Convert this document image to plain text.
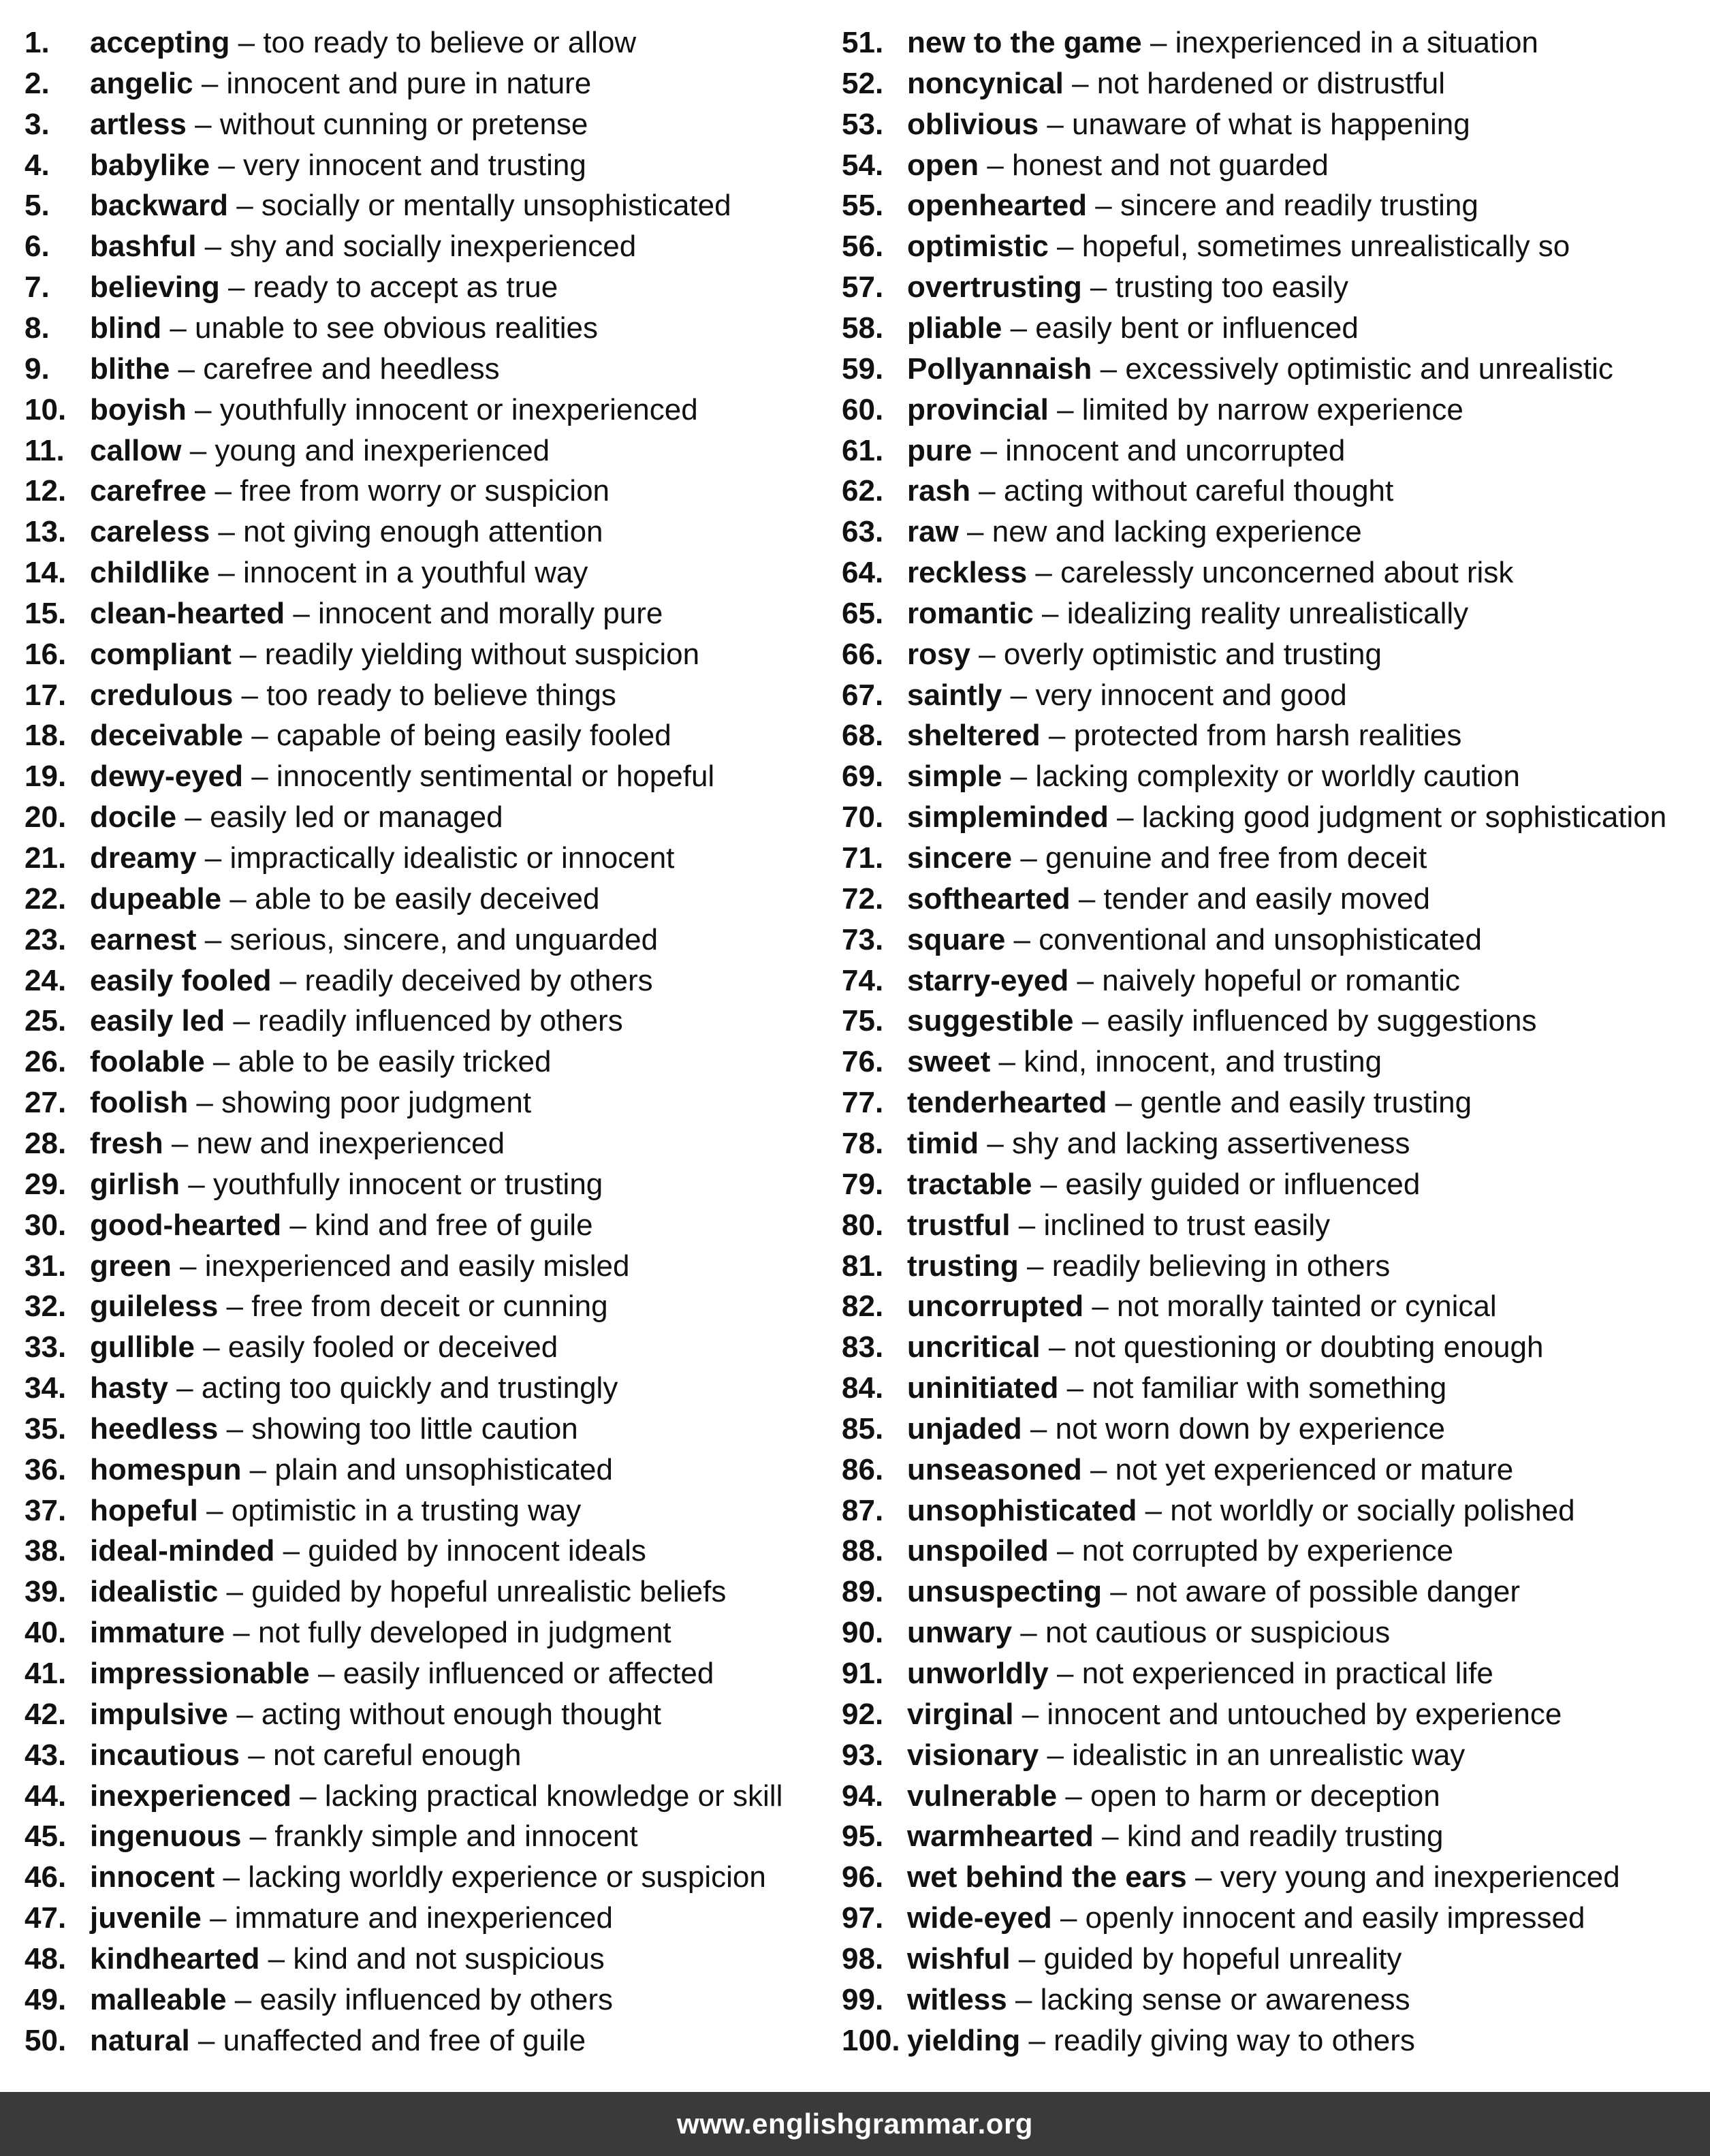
1. accepting – too ready to believe or allow
2. angelic – innocent and pure in nature
3. artless – without cunning or pretense
4. babylike – very innocent and trusting
5. backward – socially or mentally unsophisticated
6. bashful – shy and socially inexperienced
7. believing – ready to accept as true
8. blind – unable to see obvious realities
9. blithe – carefree and heedless
10. boyish – youthfully innocent or inexperienced
11. callow – young and inexperienced
12. carefree – free from worry or suspicion
13. careless – not giving enough attention
14. childlike – innocent in a youthful way
15. clean-hearted – innocent and morally pure
16. compliant – readily yielding without suspicion
17. credulous – too ready to believe things
18. deceivable – capable of being easily fooled
19. dewy-eyed – innocently sentimental or hopeful
20. docile – easily led or managed
21. dreamy – impractically idealistic or innocent
22. dupeable – able to be easily deceived
23. earnest – serious, sincere, and unguarded
24. easily fooled – readily deceived by others
25. easily led – readily influenced by others
26. foolable – able to be easily tricked
27. foolish – showing poor judgment
28. fresh – new and inexperienced
29. girlish – youthfully innocent or trusting
30. good-hearted – kind and free of guile
31. green – inexperienced and easily misled
32. guileless – free from deceit or cunning
33. gullible – easily fooled or deceived
34. hasty – acting too quickly and trustingly
35. heedless – showing too little caution
36. homespun – plain and unsophisticated
37. hopeful – optimistic in a trusting way
38. ideal-minded – guided by innocent ideals
39. idealistic – guided by hopeful unrealistic beliefs
40. immature – not fully developed in judgment
41. impressionable – easily influenced or affected
42. impulsive – acting without enough thought
43. incautious – not careful enough
44. inexperienced – lacking practical knowledge or skill
45. ingenuous – frankly simple and innocent
46. innocent – lacking worldly experience or suspicion
47. juvenile – immature and inexperienced
48. kindhearted – kind and not suspicious
49. malleable – easily influenced by others
50. natural – unaffected and free of guile
51. new to the game – inexperienced in a situation
52. noncynical – not hardened or distrustful
53. oblivious – unaware of what is happening
54. open – honest and not guarded
55. openhearted – sincere and readily trusting
56. optimistic – hopeful, sometimes unrealistically so
57. overtrusting – trusting too easily
58. pliable – easily bent or influenced
59. Pollyannaish – excessively optimistic and unrealistic
60. provincial – limited by narrow experience
61. pure – innocent and uncorrupted
62. rash – acting without careful thought
63. raw – new and lacking experience
64. reckless – carelessly unconcerned about risk
65. romantic – idealizing reality unrealistically
66. rosy – overly optimistic and trusting
67. saintly – very innocent and good
68. sheltered – protected from harsh realities
69. simple – lacking complexity or worldly caution
70. simpleminded – lacking good judgment or sophistication
71. sincere – genuine and free from deceit
72. softhearted – tender and easily moved
73. square – conventional and unsophisticated
74. starry-eyed – naively hopeful or romantic
75. suggestible – easily influenced by suggestions
76. sweet – kind, innocent, and trusting
77. tenderhearted – gentle and easily trusting
78. timid – shy and lacking assertiveness
79. tractable – easily guided or influenced
80. trustful – inclined to trust easily
81. trusting – readily believing in others
82. uncorrupted – not morally tainted or cynical
83. uncritical – not questioning or doubting enough
84. uninitiated – not familiar with something
85. unjaded – not worn down by experience
86. unseasoned – not yet experienced or mature
87. unsophisticated – not worldly or socially polished
88. unspoiled – not corrupted by experience
89. unsuspecting – not aware of possible danger
90. unwary – not cautious or suspicious
91. unworldly – not experienced in practical life
92. virginal – innocent and untouched by experience
93. visionary – idealistic in an unrealistic way
94. vulnerable – open to harm or deception
95. warmhearted – kind and readily trusting
96. wet behind the ears – very young and inexperienced
97. wide-eyed – openly innocent and easily impressed
98. wishful – guided by hopeful unreality
99. witless – lacking sense or awareness
100. yielding – readily giving way to others
www.englishgrammar.org
